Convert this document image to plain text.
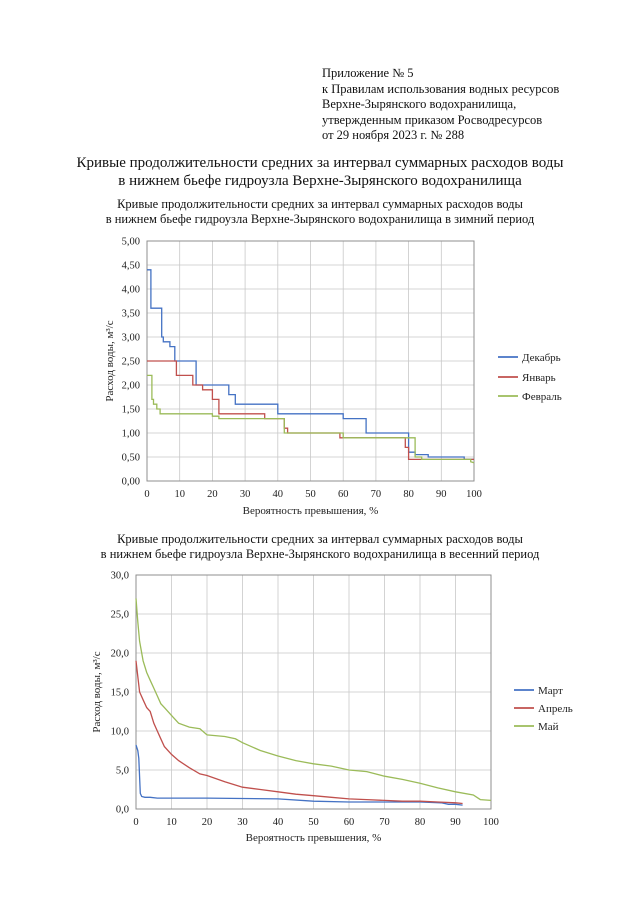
Приложение № 5
к Правилам использования водных ресурсов
Верхне-Зырянского водохранилища,
утвержденным приказом Росводресурсов
от 29 ноября 2023 г. № 288
Кривые продолжительности средних за интервал суммарных расходов воды
в нижнем бьефе гидроузла Верхне-Зырянского водохранилища
Кривые продолжительности средних за интервал суммарных расходов воды
в нижнем бьефе гидроузла Верхне-Зырянского водохранилища в зимний период
0,00
0,50
1,00
1,50
2,00
2,50
3,00
3,50
4,00
4,50
5,00
0 10 20 30 40 50 60 70 80 90 100
Вероятность превышения, %
Расход воды, м³/с	Декабрь
Январь
Февраль
Кривые продолжительности средних за интервал суммарных расходов воды
в нижнем бьефе гидроузла Верхне-Зырянского водохранилища в весенний период
0,0
5,0
10,0
15,0
20,0
25,0
30,0
0	10 20 30 40 50 60 70 80 90 100
Вероятность превышения, %
Расход воды, м³/с	Март
Апрель
Май
